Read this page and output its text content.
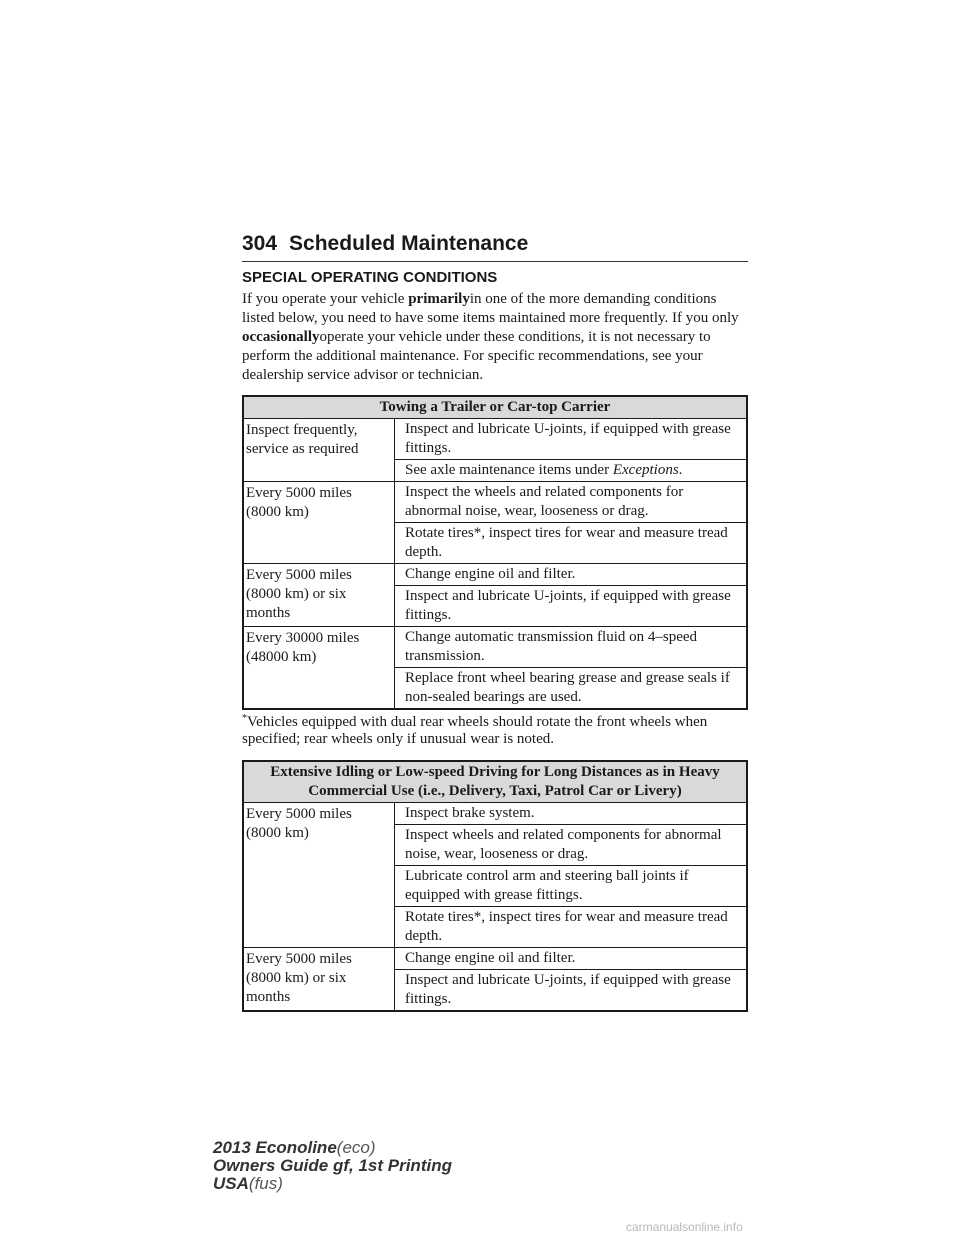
304 Scheduled Maintenance
SPECIAL OPERATING CONDITIONS

If you operate your vehicle primarilyin one of the more demanding conditions listed below, you need to have some items maintained more frequently. If you only occasionallyoperate your vehicle under these conditions, it is not necessary to perform the additional maintenance. For specific recommendations, see your dealership service advisor or technician.

Towing a Trailer or Car-top Carrier	
Inspect frequently, service as required	Inspect and lubricate U-joints, if equipped with grease fittings.
	See axle maintenance items under Exceptions.
Every 5000 miles (8000 km)	Inspect the wheels and related components for abnormal noise, wear, looseness or drag.
	Rotate tires*, inspect tires for wear and measure tread depth.
Every 5000 miles (8000 km) or six months	Change engine oil and filter.
	Inspect and lubricate U-joints, if equipped with grease fittings.
Every 30000 miles (48000 km)	Change automatic transmission fluid on 4–speed transmission.
	Replace front wheel bearing grease and grease seals if non-sealed bearings are used.

*Vehicles equipped with dual rear wheels should rotate the front wheels when specified; rear wheels only if unusual wear is noted.

Extensive Idling or Low-speed Driving for Long Distances as in Heavy Commercial Use (i.e., Delivery, Taxi, Patrol Car or Livery)	
Every 5000 miles (8000 km)	Inspect brake system.
	Inspect wheels and related components for abnormal noise, wear, looseness or drag.
	Lubricate control arm and steering ball joints if equipped with grease fittings.
	Rotate tires*, inspect tires for wear and measure tread depth.
Every 5000 miles (8000 km) or six months	Change engine oil and filter.
	Inspect and lubricate U-joints, if equipped with grease fittings.
2013 Econoline(eco)
Owners Guide gf, 1st Printing
USA(fus)
carmanualsonline.info
